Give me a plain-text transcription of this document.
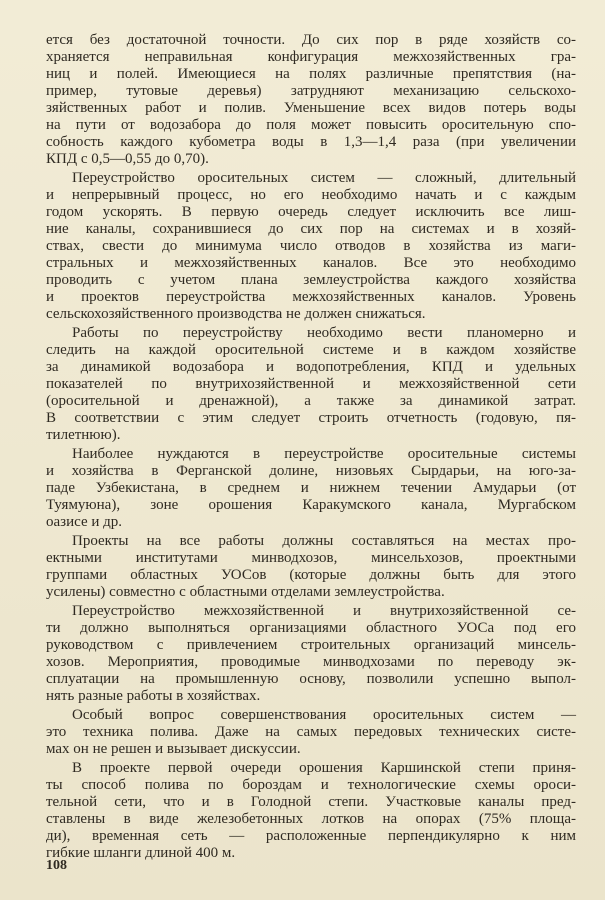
ется без достаточной точности. До сих пор в ряде хозяйств со-
храняется неправильная конфигурация межхозяйственных гра-
ниц и полей. Имеющиеся на полях различные препятствия (на-
пример, тутовые деревья) затрудняют механизацию сельскохо-
зяйственных работ и полив. Уменьшение всех видов потерь воды
на пути от водозабора до поля может повысить оросительную спо-
собность каждого кубометра воды в 1,3—1,4 раза (при увеличении
КПД с 0,5—0,55 до 0,70).
Переустройство оросительных систем — сложный, длительный
и непрерывный процесс, но его необходимо начать и с каждым
годом ускорять. В первую очередь следует исключить все лиш-
ние каналы, сохранившиеся до сих пор на системах и в хозяй-
ствах, свести до минимума число отводов в хозяйства из маги-
стральных и межхозяйственных каналов. Все это необходимо
проводить с учетом плана землеустройства каждого хозяйства
и проектов переустройства межхозяйственных каналов. Уровень
сельскохозяйственного производства не должен снижаться.
Работы по переустройству необходимо вести планомерно и
следить на каждой оросительной системе и в каждом хозяйстве
за динамикой водозабора и водопотребления, КПД и удельных
показателей по внутрихозяйственной и межхозяйственной сети
(оросительной и дренажной), а также за динамикой затрат.
В соответствии с этим следует строить отчетность (годовую, пя-
тилетнюю).
Наиболее нуждаются в переустройстве оросительные системы
и хозяйства в Ферганской долине, низовьях Сырдарьи, на юго-за-
паде Узбекистана, в среднем и нижнем течении Амударьи (от
Туямуюна), зоне орошения Каракумского канала, Мургабском
оазисе и др.
Проекты на все работы должны составляться на местах про-
ектными институтами минводхозов, минсельхозов, проектными
группами областных УОСов (которые должны быть для этого
усилены) совместно с областными отделами землеустройства.
Переустройство межхозяйственной и внутрихозяйственной се-
ти должно выполняться организациями областного УОСа под его
руководством с привлечением строительных организаций минсель-
хозов. Мероприятия, проводимые минводхозами по переводу эк-
сплуатации на промышленную основу, позволили успешно выпол-
нять разные работы в хозяйствах.
Особый вопрос совершенствования оросительных систем —
это техника полива. Даже на самых передовых технических систе-
мах он не решен и вызывает дискуссии.
В проекте первой очереди орошения Каршинской степи приня-
ты способ полива по бороздам и технологические схемы ороси-
тельной сети, что и в Голодной степи. Участковые каналы пред-
ставлены в виде железобетонных лотков на опорах (75% площа-
ди), временная сеть — расположенные перпендикулярно к ним
гибкие шланги длиной 400 м.
108
